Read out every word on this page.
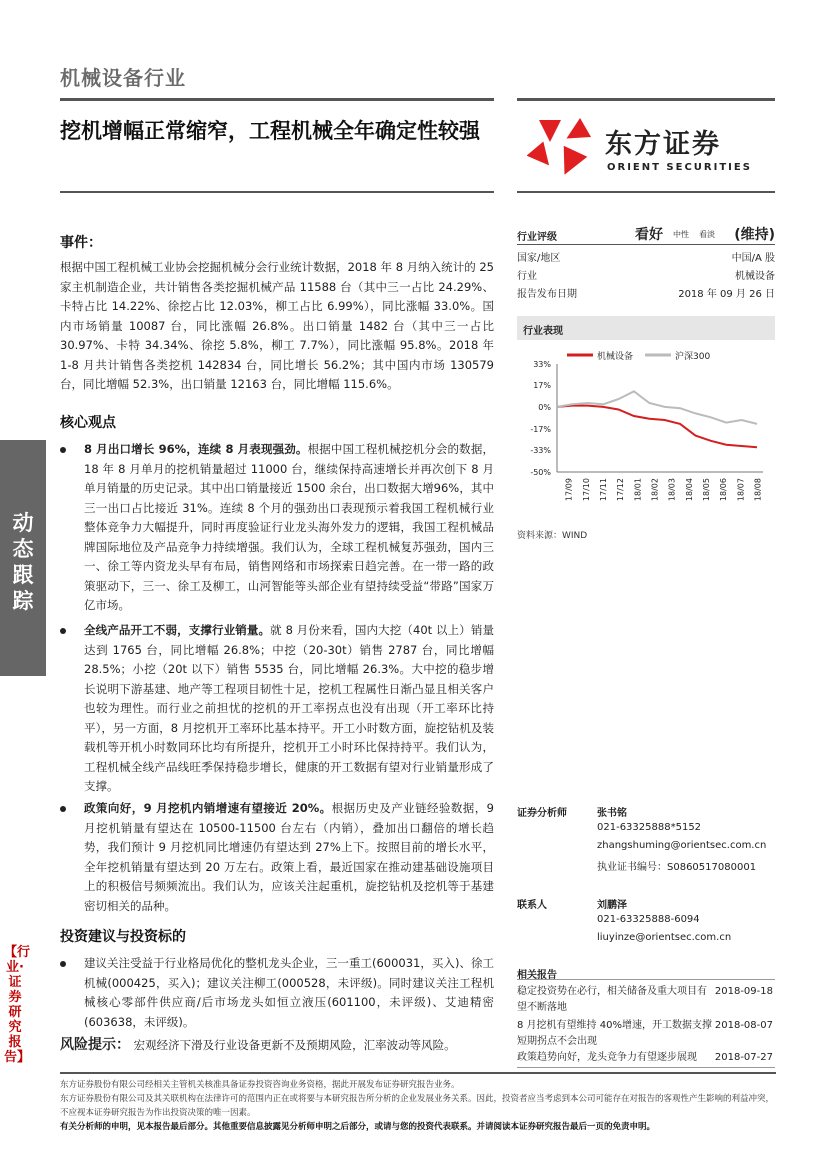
机械设备行业
挖机增幅正常缩窄，工程机械全年确定性较强	东方证券
ORIENT SECURITIES
动态跟踪
【行业·证券研究报告】
事件：
根据中国工程机械工业协会挖掘机械分会行业统计数据，2018 年 8 月纳入统计的 25 家主机制造企业，共计销售各类挖掘机械产品 11588 台（其中三一占比 24.29%、卡特占比 14.22%、徐挖占比 12.03%，柳工占比 6.99%），同比涨幅 33.0%。国内市场销量 10087 台，同比涨幅 26.8%。出口销量 1482 台（其中三一占比 30.97%、卡特 34.34%、徐挖 5.8%，柳工 7.7%），同比涨幅 95.8%。2018 年 1-8 月共计销售各类挖机 142834 台，同比增长 56.2%；其中国内市场 130579 台，同比增幅 52.3%，出口销量 12163 台，同比增幅 115.6%。
核心观点
8 月出口增长 96%，连续 8 月表现强劲。根据中国工程机械挖机分会的数据，18 年 8 月单月的挖机销量超过 11000 台，继续保持高速增长并再次创下 8 月单月销量的历史记录。其中出口销量接近 1500 余台，出口数据大增96%，其中三一出口占比接近 31%。连续 8 个月的强劲出口表现预示着我国工程机械行业整体竞争力大幅提升，同时再度验证行业龙头海外发力的逻辑，我国工程机械品牌国际地位及产品竞争力持续增强。我们认为，全球工程机械复苏强劲，国内三一、徐工等内资龙头早有布局，销售网络和市场探索日趋完善。在一带一路的政策驱动下，三一、徐工及柳工，山河智能等头部企业有望持续受益“带路”国家万亿市场。
全线产品开工不弱，支撑行业销量。就 8 月份来看，国内大挖（40t 以上）销量达到 1765 台，同比增幅 26.8%；中挖（20-30t）销售 2787 台，同比增幅 28.5%；小挖（20t 以下）销售 5535 台，同比增幅 26.3%。大中挖的稳步增长说明下游基建、地产等工程项目韧性十足，挖机工程属性日渐凸显且相关客户也较为理性。而行业之前担忧的挖机的开工率拐点也没有出现（开工率环比持平），另一方面，8 月挖机开工率环比基本持平。开工小时数方面，旋挖钻机及装载机等开机小时数同环比均有所提升，挖机开工小时环比保持持平。我们认为，工程机械全线产品线旺季保持稳步增长，健康的开工数据有望对行业销量形成了支撑。
政策向好，9 月挖机内销增速有望接近 20%。根据历史及产业链经验数据，9 月挖机销量有望达在 10500-11500 台左右（内销），叠加出口翻倍的增长趋势，我们预计 9 月挖机同比增速仍有望达到 27%上下。按照目前的增长水平，全年挖机销量有望达到 20 万左右。政策上看，最近国家在推动建基础设施项目上的积极信号频频流出。我们认为，应该关注起重机，旋挖钻机及挖机等于基建密切相关的品种。
投资建议与投资标的
建议关注受益于行业格局优化的整机龙头企业，三一重工(600031，买入)、徐工机械(000425，买入)；建议关注柳工(000528，未评级)。同时建议关注工程机械核心零部件供应商/后市场龙头如恒立液压(601100，未评级)、艾迪精密(603638，未评级)。
风险提示： 宏观经济下滑及行业设备更新不及预期风险，汇率波动等风险。
行业评级	看好 中性 看淡 (维持)
国家/地区	中国/A 股
行业	机械设备
报告发布日期	2018 年 09 月 26 日
行业表现
机械设备	沪深300
33%
17%
0%
-17%
-33%
-50%
17/09 17/10 17/11 17/12 18/01 18/02 18/03 18/04 18/05 18/06 18/07 18/08
资料来源：WIND
证券分析师	张书铭
021-63325888*5152
zhangshuming@orientsec.com.cn
执业证书编号：S0860517080001
联系人	刘鹏泽
021-63325888-6094
liuyinze@orientsec.com.cn
相关报告
稳定投资势在必行，相关储备及重大项目有望不断落地
2018-09-18
8 月挖机有望维持 40%增速，开工数据支撑短期拐点不会出现
2018-08-07
政策趋势向好，龙头竞争力有望逐步展现	2018-07-27
东方证券股份有限公司经相关主管机关核准具备证券投资咨询业务资格，据此开展发布证券研究报告业务。
东方证券股份有限公司及其关联机构在法律许可的范围内正在或将要与本研究报告所分析的企业发展业务关系。因此，投资者应当考虑到本公司可能存在对报告的客观性产生影响的利益冲突，不应视本证券研究报告为作出投资决策的唯一因素。
有关分析师的申明，见本报告最后部分。其他重要信息披露见分析师申明之后部分，或请与您的投资代表联系。并请阅读本证券研究报告最后一页的免责申明。
